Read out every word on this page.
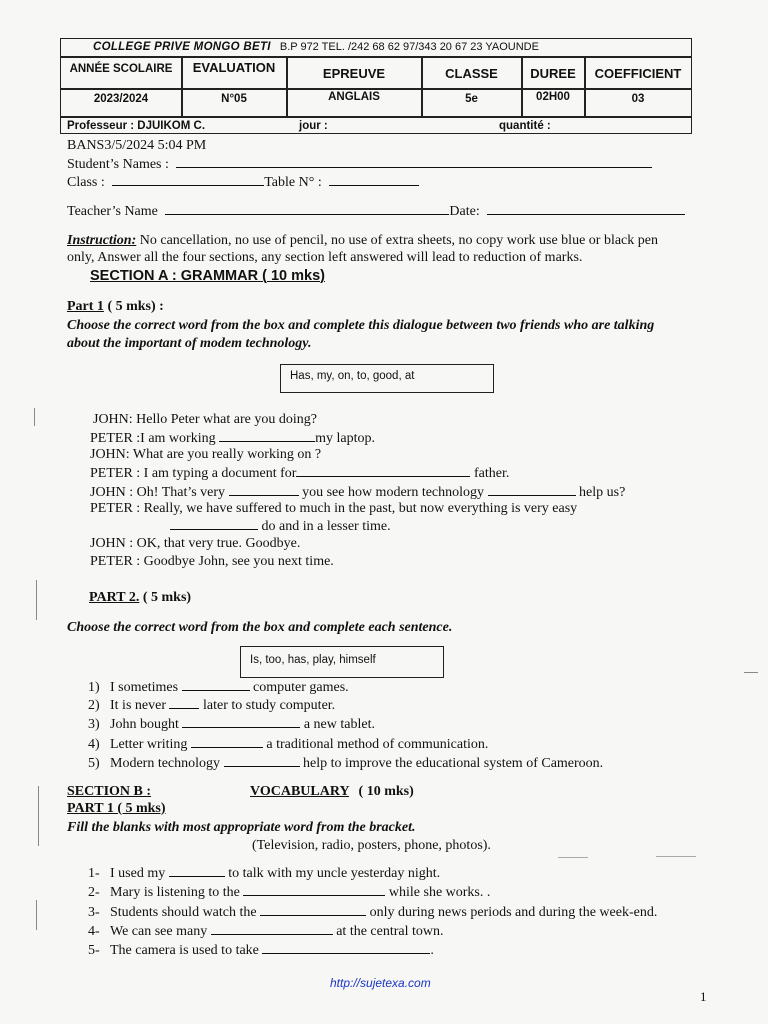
COLLEGE PRIVE MONGO BETI B.P 972 TEL. /242 68 62 97/343 20 67 23 YAOUNDE
ANNÉE SCOLAIRE	EVALUATION	EPREUVE	CLASSE	DUREE	COEFFICIENT
2023/2024	N°05	ANGLAIS	5e	02H00	03
Professeur : DJUIKOM C.	jour :	quantité :
BANS3/5/2024 5:04 PM
Student’s Names :
Class :	Table N° :
Teacher’s Name	Date:
Instruction: No cancellation, no use of pencil, no use of extra sheets, no copy work use blue or black pen
only, Answer all the four sections, any section left answered will lead to reduction of marks.
SECTION A : GRAMMAR ( 10 mks)
Part 1 ( 5 mks) :
Choose the correct word from the box and complete this dialogue between two friends who are talking
about the important of modem technology.
Has, my, on, to, good, at
JOHN: Hello Peter what are you doing?
PETER :I am working	my laptop.
JOHN: What are you really working on ?
PETER : I am typing a document for	father.
JOHN : Oh! That’s very	you see how modern technology	help us?
PETER : Really, we have suffered to much in the past, but now everything is very easy
do and in a lesser time.
JOHN : OK, that very true. Goodbye.
PETER : Goodbye John, see you next time.
PART 2. ( 5 mks)
Choose the correct word from the box and complete each sentence.
Is, too, has, play, himself
1) I sometimes	computer games.
2) It is never  later to study computer.
3) John bought	a new tablet.
4) Letter writing	a traditional method of communication.
5) Modern technology	help to improve the educational system of Cameroon.
SECTION B :	VOCABULARY ( 10 mks)
PART 1 ( 5 mks)
Fill the blanks with most appropriate word from the bracket.
(Television, radio, posters, phone, photos).
1- I used my	to talk with my uncle yesterday night.
2- Mary is listening to the	while she works. .
3- Students should watch the	only during news periods and during the week-end.
4- We can see many	at the central town.
5- The camera is used to take	.
http://sujetexa.com
1
